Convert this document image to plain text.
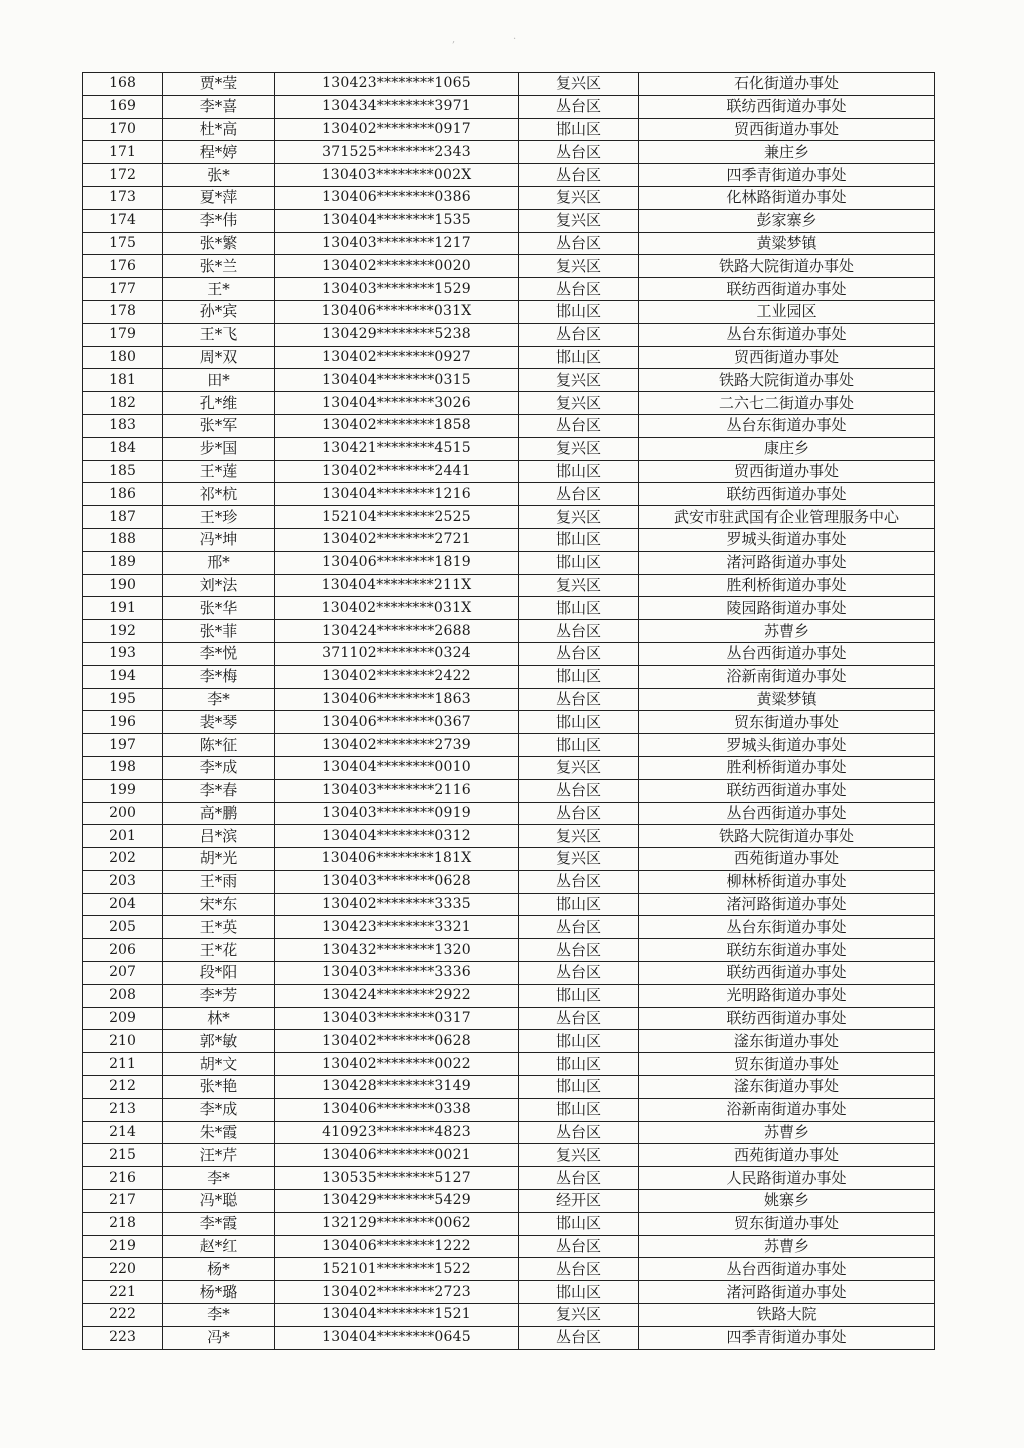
,	·
168	贾*莹	130423********1065	复兴区	石化街道办事处
169	李*喜	130434********3971	丛台区	联纺西街道办事处
170	杜*高	130402********0917	邯山区	贸西街道办事处
171	程*婷	371525********2343	丛台区	兼庄乡
172	张*	130403********002X	丛台区	四季青街道办事处
173	夏*萍	130406********0386	复兴区	化林路街道办事处
174	李*伟	130404********1535	复兴区	彭家寨乡
175	张*繁	130403********1217	丛台区	黄粱梦镇
176	张*兰	130402********0020	复兴区	铁路大院街道办事处
177	王*	130403********1529	丛台区	联纺西街道办事处
178	孙*宾	130406********031X	邯山区	工业园区
179	王*飞	130429********5238	丛台区	丛台东街道办事处
180	周*双	130402********0927	邯山区	贸西街道办事处
181	田*	130404********0315	复兴区	铁路大院街道办事处
182	孔*维	130404********3026	复兴区	二六七二街道办事处
183	张*军	130402********1858	丛台区	丛台东街道办事处
184	步*国	130421********4515	复兴区	康庄乡
185	王*莲	130402********2441	邯山区	贸西街道办事处
186	祁*杭	130404********1216	丛台区	联纺西街道办事处
187	王*珍	152104********2525	复兴区	武安市驻武国有企业管理服务中心
188	冯*坤	130402********2721	邯山区	罗城头街道办事处
189	邢*	130406********1819	邯山区	渚河路街道办事处
190	刘*法	130404********211X	复兴区	胜利桥街道办事处
191	张*华	130402********031X	邯山区	陵园路街道办事处
192	张*菲	130424********2688	丛台区	苏曹乡
193	李*悦	371102********0324	丛台区	丛台西街道办事处
194	李*梅	130402********2422	邯山区	浴新南街道办事处
195	李*	130406********1863	丛台区	黄粱梦镇
196	裴*琴	130406********0367	邯山区	贸东街道办事处
197	陈*征	130402********2739	邯山区	罗城头街道办事处
198	李*成	130404********0010	复兴区	胜利桥街道办事处
199	李*春	130403********2116	丛台区	联纺西街道办事处
200	高*鹏	130403********0919	丛台区	丛台西街道办事处
201	吕*滨	130404********0312	复兴区	铁路大院街道办事处
202	胡*光	130406********181X	复兴区	西苑街道办事处
203	王*雨	130403********0628	丛台区	柳林桥街道办事处
204	宋*东	130402********3335	邯山区	渚河路街道办事处
205	王*英	130423********3321	丛台区	丛台东街道办事处
206	王*花	130432********1320	丛台区	联纺东街道办事处
207	段*阳	130403********3336	丛台区	联纺西街道办事处
208	李*芳	130424********2922	邯山区	光明路街道办事处
209	林*	130403********0317	丛台区	联纺西街道办事处
210	郭*敏	130402********0628	邯山区	滏东街道办事处
211	胡*文	130402********0022	邯山区	贸东街道办事处
212	张*艳	130428********3149	邯山区	滏东街道办事处
213	李*成	130406********0338	邯山区	浴新南街道办事处
214	朱*霞	410923********4823	丛台区	苏曹乡
215	汪*芹	130406********0021	复兴区	西苑街道办事处
216	李*	130535********5127	丛台区	人民路街道办事处
217	冯*聪	130429********5429	经开区	姚寨乡
218	李*霞	132129********0062	邯山区	贸东街道办事处
219	赵*红	130406********1222	丛台区	苏曹乡
220	杨*	152101********1522	丛台区	丛台西街道办事处
221	杨*璐	130402********2723	邯山区	渚河路街道办事处
222	李*	130404********1521	复兴区	铁路大院
223	冯*	130404********0645	丛台区	四季青街道办事处
